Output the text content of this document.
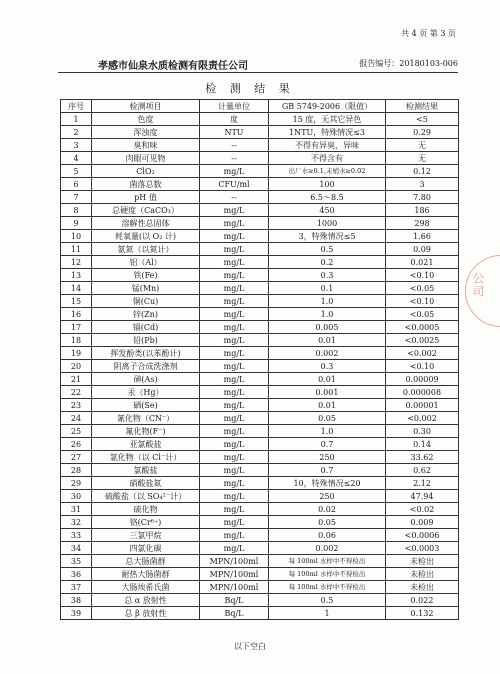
共 4 页 第 3 页
孝感市仙泉水质检测有限责任公司	报告编号：20180103-006
检 测 结 果
序号	检测项目	计量单位	GB 5749-2006（限值）	检测结果
1	色度	度	15 度，无其它异色	<5
2	浑浊度	NTU	1NTU，特殊情况≤3	0.29
3	臭和味	--	不得有异臭，异味	无
4	肉眼可见物	--	不得含有	无
5	ClO₂	mg/L	出厂水≥0.1,末梢水≥0.02	0.12
6	菌落总数	CFU/ml	100	3
7	pH 值	--	6.5～8.5	7.80
8	总硬度（CaCO₃）	mg/L	450	186
9	溶解性总固体	mg/L	1000	298
10	耗氧量(以 O₂ 计)	mg/L	3，特殊情况≤5	1.66
11	氨氮（以氮计）	mg/L	0.5	0.09
12	铝（Al）	mg/L	0.2	0.021
13	铁(Fe)	mg/L	0.3	<0.10
14	锰(Mn)	mg/L	0.1	<0.05
15	铜(Cu)	mg/L	1.0	<0.10
16	锌(Zn)	mg/L	1.0	<0.05
17	镉(Cd)	mg/L	0.005	<0.0005
18	铅(Pb)	mg/L	0.01	<0.0025
19	挥发酚类(以苯酚计)	mg/L	0.002	<0.002
20	阴离子合成洗涤剂	mg/L	0.3	<0.10
21	砷(As)	mg/L	0.01	0.00009
22	汞（Hg）	mg/L	0.001	0.000008
23	硒(Se)	mg/L	0.01	0.00001
24	氰化物（CN⁻）	mg/L	0.05	<0.002
25	氟化物(F⁻)	mg/L	1.0	0.30
26	亚氯酸盐	mg/L	0.7	0.14
27	氯化物（以 Cl⁻计）	mg/L	250	33.62
28	氯酸盐	mg/L	0.7	0.62
29	硝酸盐氮	mg/L	10，特殊情况≤20	2.12
30	硫酸盐（以 SO₄²⁻计）	mg/L	250	47.94
31	硫化物	mg/L	0.02	<0.02
32	铬(Cr⁶⁺)	mg/L	0.05	0.009
33	三氯甲烷	mg/L	0.06	<0.0006
34	四氯化碳	mg/L	0.002	<0.0003
35	总大肠菌群	MPN/100ml	每 100ml 水样中不得检出	未检出
36	耐热大肠菌群	MPN/100ml	每 100ml 水样中不得检出	未检出
37	大肠埃希氏菌	MPN/100ml	每 100ml 水样中不得检出	未检出
38	总 α 放射性	Bq/L	0.5	0.022
39	总 β 放射性	Bq/L	1	0.132
以下空白
公司
